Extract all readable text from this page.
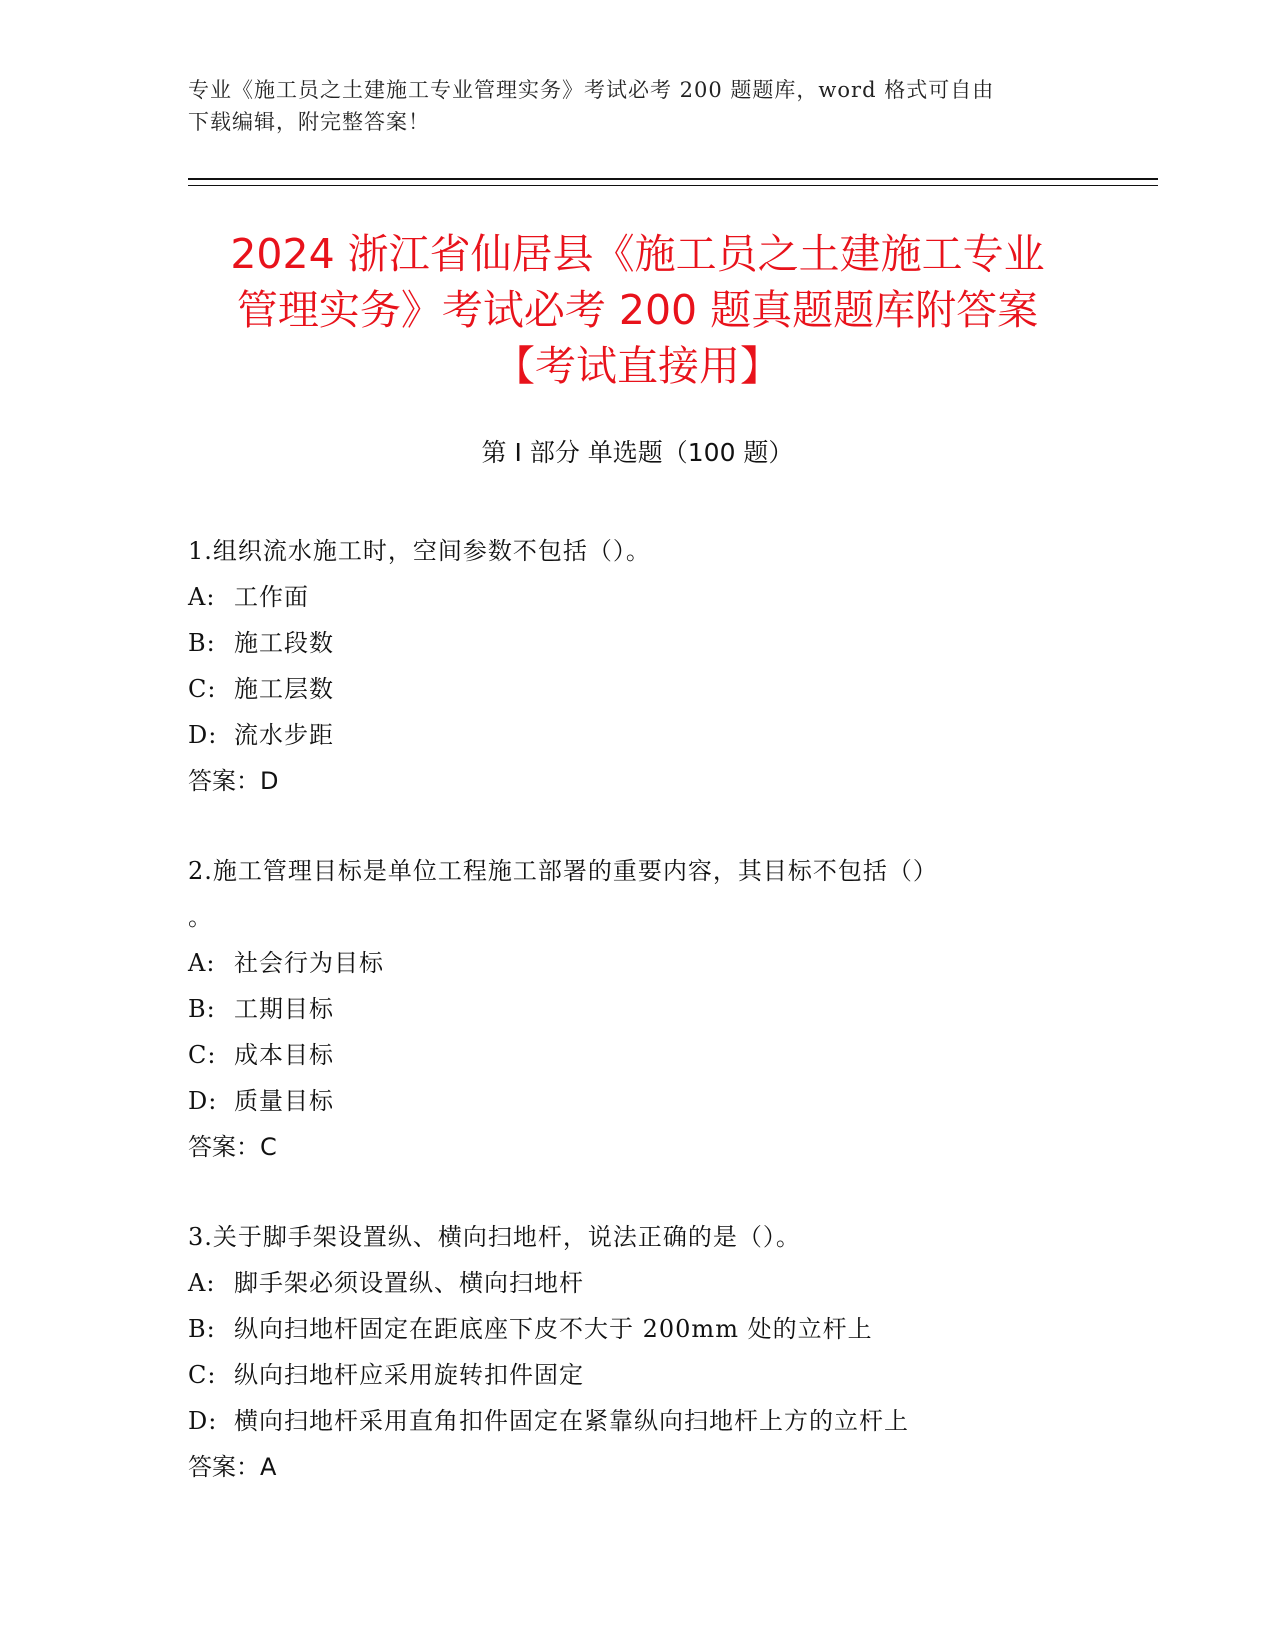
专业《施工员之土建施工专业管理实务》考试必考 200 题题库，word 格式可自由

下载编辑，附完整答案！

2024 浙江省仙居县《施工员之土建施工专业
管理实务》考试必考 200 题真题题库附答案
【考试直接用】
第 I 部分 单选题（100 题）

1.组织流水施工时，空间参数不包括（）。

A: 工作面

B: 施工段数

C: 施工层数

D: 流水步距

答案：D

2.施工管理目标是单位工程施工部署的重要内容，其目标不包括（）

。

A: 社会行为目标

B: 工期目标

C: 成本目标

D: 质量目标

答案：C

3.关于脚手架设置纵、横向扫地杆，说法正确的是（）。

A: 脚手架必须设置纵、横向扫地杆

B: 纵向扫地杆固定在距底座下皮不大于 200mm 处的立杆上

C: 纵向扫地杆应采用旋转扣件固定

D: 横向扫地杆采用直角扣件固定在紧靠纵向扫地杆上方的立杆上

答案：A
